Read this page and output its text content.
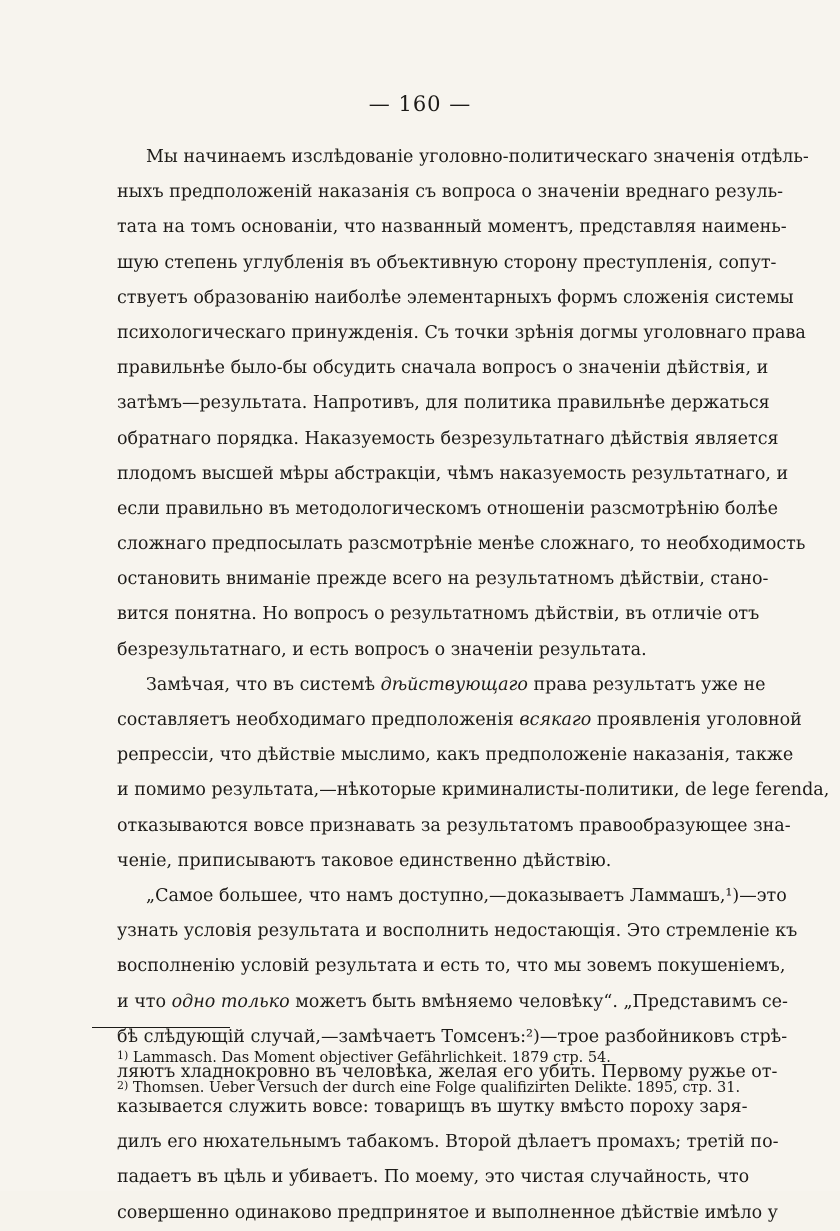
— 160 —
Мы начинаемъ изслѣдованіе уголовно-политическаго значенія отдѣль-
ныхъ предположеній наказанія съ вопроса о значеніи вреднаго резуль-
тата на томъ основаніи, что названный моментъ, представляя наимень-
шую степень углубленія въ объективную сторону преступленія, сопут-
ствуетъ образованію наиболѣе элементарныхъ формъ сложенія системы
психологическаго принужденія. Съ точки зрѣнія догмы уголовнаго права
правильнѣе было-бы обсудить сначала вопросъ о значеніи дѣйствія, и
затѣмъ—результата. Напротивъ, для политика правильнѣе держаться
обратнаго порядка. Наказуемость безрезультатнаго дѣйствія является
плодомъ высшей мѣры абстракціи, чѣмъ наказуемость результатнаго, и
если правильно въ методологическомъ отношеніи разсмотрѣнію болѣе
сложнаго предпосылать разсмотрѣніе менѣе сложнаго, то необходимость
остановить вниманіе прежде всего на результатномъ дѣйствіи, стано-
вится понятна. Но вопросъ о результатномъ дѣйствіи, въ отличіе отъ
безрезультатнаго, и есть вопросъ о значеніи результата.
Замѣчая, что въ системѣ дѣйствующаго права результатъ уже не
составляетъ необходимаго предположенія всякаго проявленія уголовной
репрессіи, что дѣйствіе мыслимо, какъ предположеніе наказанія, также
и помимо результата,—нѣкоторые криминалисты-политики, de lege ferenda,
отказываются вовсе признавать за результатомъ правообразующее зна-
ченіе, приписываютъ таковое единственно дѣйствію.
„Самое большее, что намъ доступно,—доказываетъ Ламмашъ,¹)—это
узнать условія результата и восполнить недостающія. Это стремленіе къ
восполненію условій результата и есть то, что мы зовемъ покушеніемъ,
и что одно только можетъ быть вмѣняемо человѣку“. „Представимъ се-
бѣ слѣдующій случай,—замѣчаетъ Томсенъ:²)—трое разбойниковъ стрѣ-
ляютъ хладнокровно въ человѣка, желая его убить. Первому ружье от-
казывается служить вовсе: товарищъ въ шутку вмѣсто пороху заря-
дилъ его нюхательнымъ табакомъ. Второй дѣлаетъ промахъ; третій по-
падаетъ въ цѣль и убиваетъ. По моему, это чистая случайность, что
совершенно одинаково предпринятое и выполненное дѣйствіе имѣло у
$^{1)}$ Lammasch. Das Moment objectiver Gefährlichkeit. 1879 стр. 54.
$^{2)}$ Thomsen. Ueber Versuch der durch eine Folge qualifizirten Delikte. 1895, стр. 31.
